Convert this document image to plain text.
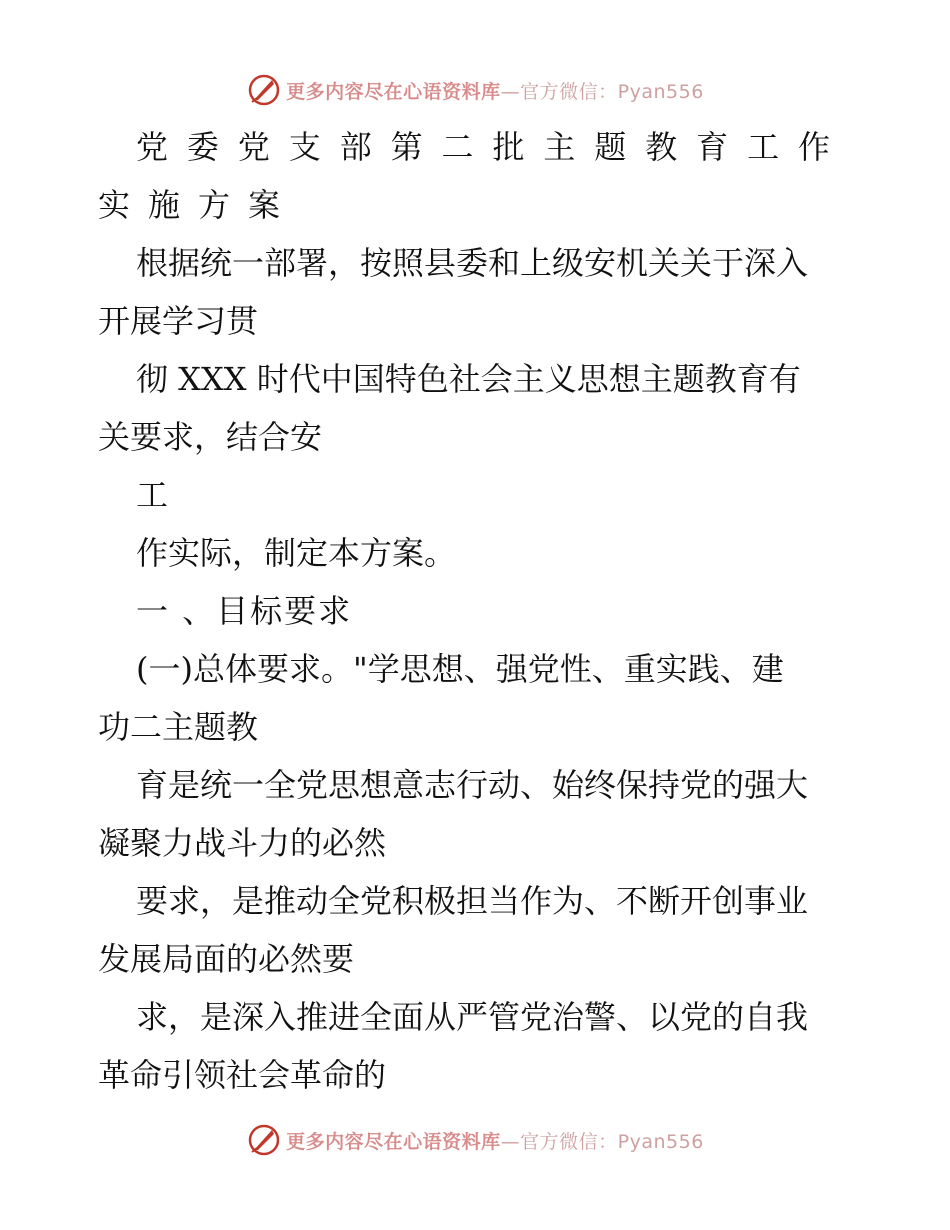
更多内容尽在心语资料库—官方微信：Pyan556
党 委 党 支 部 第 二 批 主 题 教 育 工 作
实施方案
根据统一部署，按照县委和上级安机关关于深入
开展学习贯
彻 XXX 时代中国特色社会主义思想主题教育有
关要求，结合安
工
作实际，制定本方案。
一 、目标要求
(一)总体要求。"学思想、强党性、重实践、建
功二主题教
育是统一全党思想意志行动、始终保持党的强大
凝聚力战斗力的必然
要求，是推动全党积极担当作为、不断开创事业
发展局面的必然要
求，是深入推进全面从严管党治警、以党的自我
革命引领社会革命的
更多内容尽在心语资料库—官方微信：Pyan556
